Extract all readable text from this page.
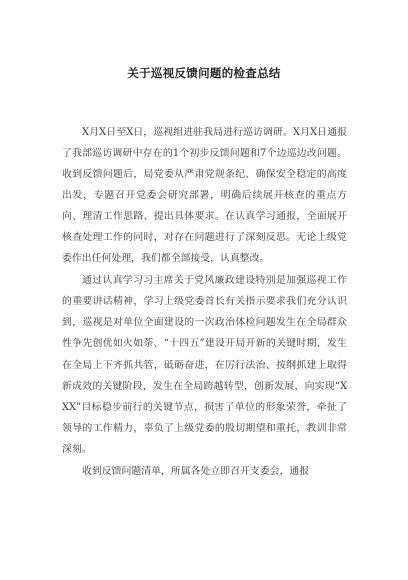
关于巡视反馈问题的检查总结

X月X日至X日，巡视组进驻我局进行巡访调研。X月X日通报了我部巡访调研中存在的1个初步反馈问题和7个边巡边改问题。收到反馈问题后，局党委从严肃党规条纪、确保安全稳定的高度出发，专题召开党委会研究部署，明确后续展开核查的重点方向、理清工作思路、提出具体要求。在认真学习通报，全面展开核查处理工作的同时，对存在问题进行了深刻反思。无论上级党委作出任何处理，我们都全部接受，认真整改。

通过认真学习习主席关于党风廉政建设特别是加强巡视工作的重要讲话精神，学习上级党委首长有关指示要求我们充分认识到，巡视是对单位全面建设的一次政治体检问题发生在全局群众性争先创优如火如荼、“十四五”建设开局开新的关键时期，发生在全局上下齐抓共管，砥砺奋进，在厉行法治、按纲抓建上取得新成效的关键阶段，发生在全局跨越转型，创新发展，向实现“XXX”目标稳步前行的关键节点，损害了单位的形象荣誉，牵扯了领导的工作精力，辜负了上级党委的殷切期望和重托，教训非常深刻。

收到反馈问题清单，所属各处立即召开支委会，通报
